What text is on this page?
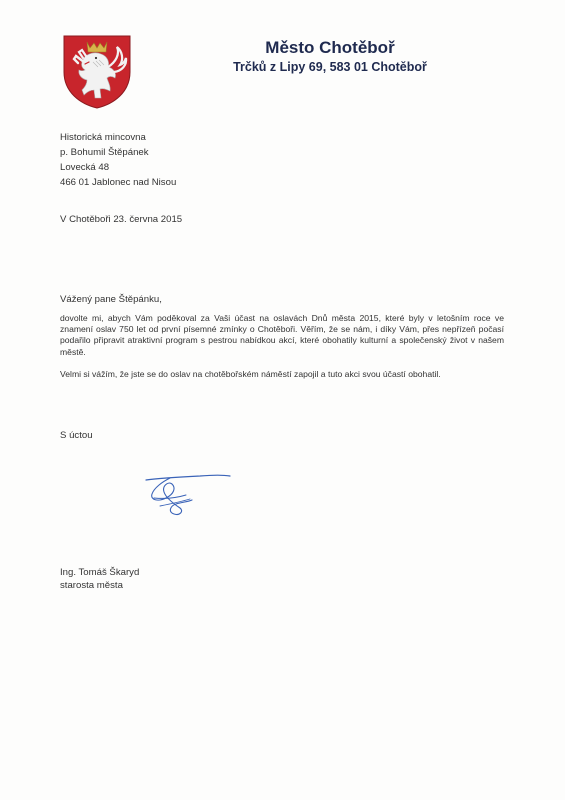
Město Chotěboř
Trčků z Lipy 69, 583 01 Chotěboř
Historická mincovna
p. Bohumil Štěpánek
Lovecká 48
466 01 Jablonec nad Nisou
V Chotěboři 23. června 2015
Vážený pane Štěpánku,

dovolte mi, abych Vám poděkoval za Vaši účast na oslavách Dnů města 2015, které byly v letošním roce ve znamení oslav 750 let od první písemné zmínky o Chotěboři. Věřím, že se nám, i díky Vám, přes nepřízeň počasí podařilo připravit atraktivní program s pestrou nabídkou akcí, které obohatily kulturní a společenský život v našem městě.

Velmi si vážím, že jste se do oslav na chotěbořském náměstí zapojil a tuto akci svou účastí obohatil.

S úctou
Ing. Tomáš Škaryd
starosta města
